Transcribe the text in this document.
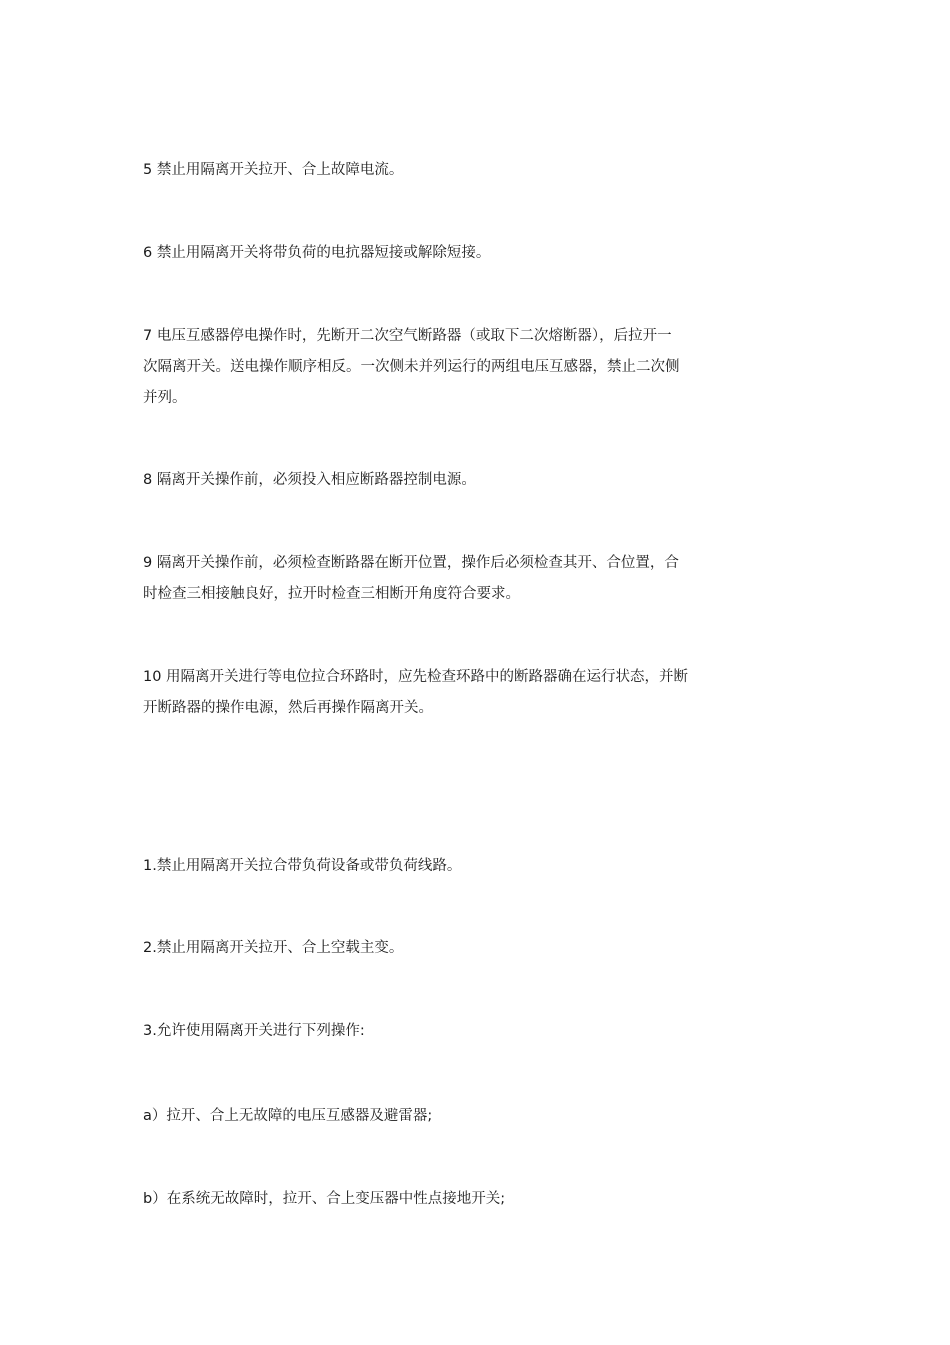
5 禁止用隔离开关拉开、合上故障电流。

6 禁止用隔离开关将带负荷的电抗器短接或解除短接。

7 电压互感器停电操作时，先断开二次空气断路器（或取下二次熔断器），后拉开一
次隔离开关。送电操作顺序相反。一次侧未并列运行的两组电压互感器，禁止二次侧
并列。

8 隔离开关操作前，必须投入相应断路器控制电源。

9 隔离开关操作前，必须检查断路器在断开位置，操作后必须检查其开、合位置，合
时检查三相接触良好，拉开时检查三相断开角度符合要求。

10 用隔离开关进行等电位拉合环路时，应先检查环路中的断路器确在运行状态，并断
开断路器的操作电源，然后再操作隔离开关。

1.禁止用隔离开关拉合带负荷设备或带负荷线路。

2.禁止用隔离开关拉开、合上空载主变。

3.允许使用隔离开关进行下列操作:

a）拉开、合上无故障的电压互感器及避雷器;

b）在系统无故障时，拉开、合上变压器中性点接地开关;
